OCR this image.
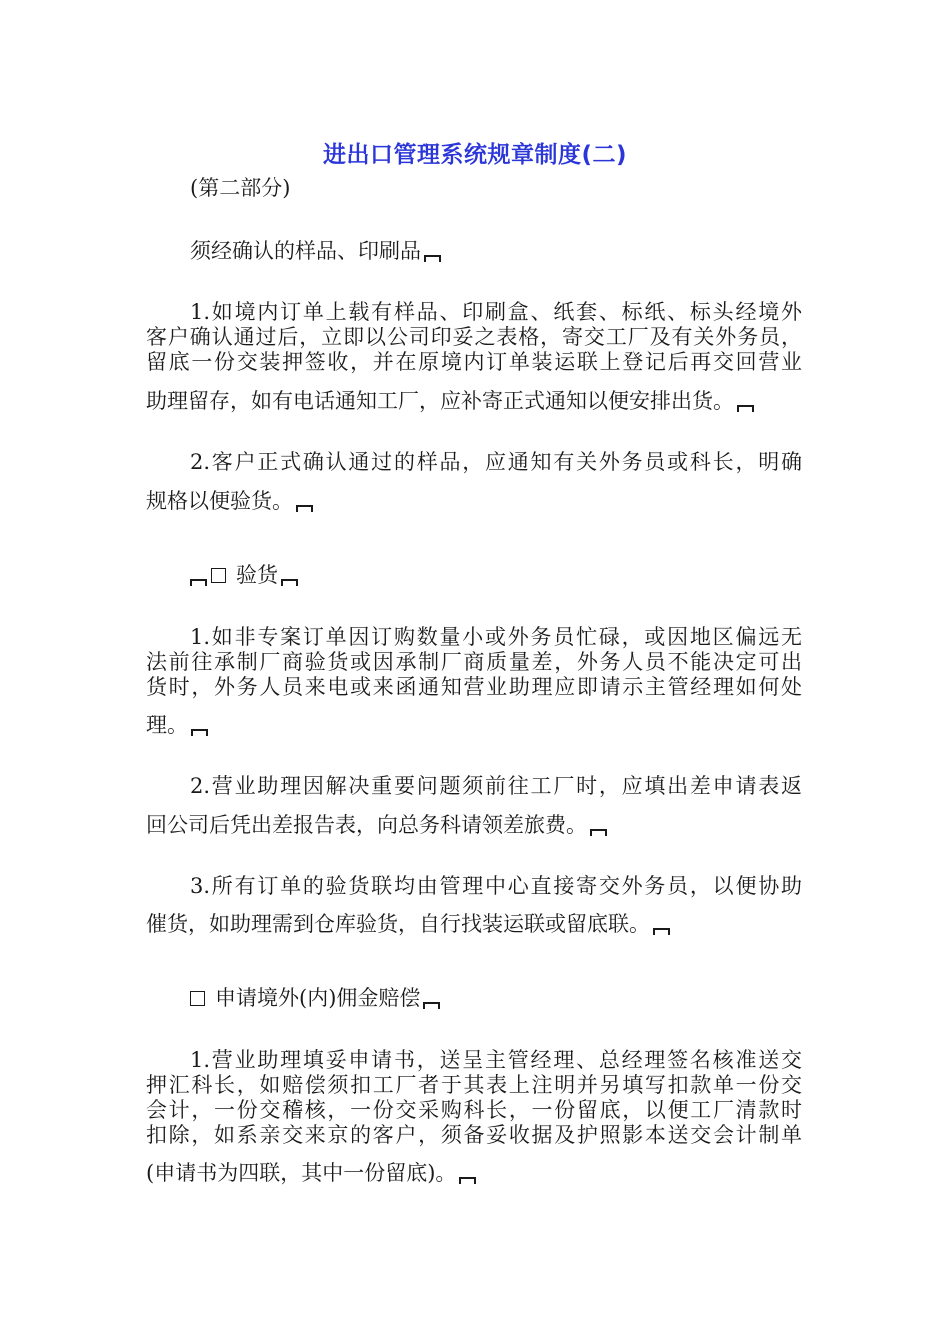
进出口管理系统规章制度(二)
(第二部分)
须经确认的样品、印刷品
1.如境内订单上载有样品、印刷盒、纸套、标纸、标头经境外
客户确认通过后，立即以公司印妥之表格，寄交工厂及有关外务员，
留底一份交装押签收，并在原境内订单装运联上登记后再交回营业
助理留存，如有电话通知工厂，应补寄正式通知以便安排出货。
2.客户正式确认通过的样品，应通知有关外务员或科长，明确
规格以便验货。
验货
1.如非专案订单因订购数量小或外务员忙碌，或因地区偏远无
法前往承制厂商验货或因承制厂商质量差，外务人员不能决定可出
货时，外务人员来电或来函通知营业助理应即请示主管经理如何处
理。
2.营业助理因解决重要问题须前往工厂时，应填出差申请表返
回公司后凭出差报告表，向总务科请领差旅费。
3.所有订单的验货联均由管理中心直接寄交外务员，以便协助
催货，如助理需到仓库验货，自行找装运联或留底联。
申请境外(内)佣金赔偿
1.营业助理填妥申请书，送呈主管经理、总经理签名核准送交
押汇科长，如赔偿须扣工厂者于其表上注明并另填写扣款单一份交
会计，一份交稽核，一份交采购科长，一份留底，以便工厂清款时
扣除，如系亲交来京的客户，须备妥收据及护照影本送交会计制单
(申请书为四联，其中一份留底)。
